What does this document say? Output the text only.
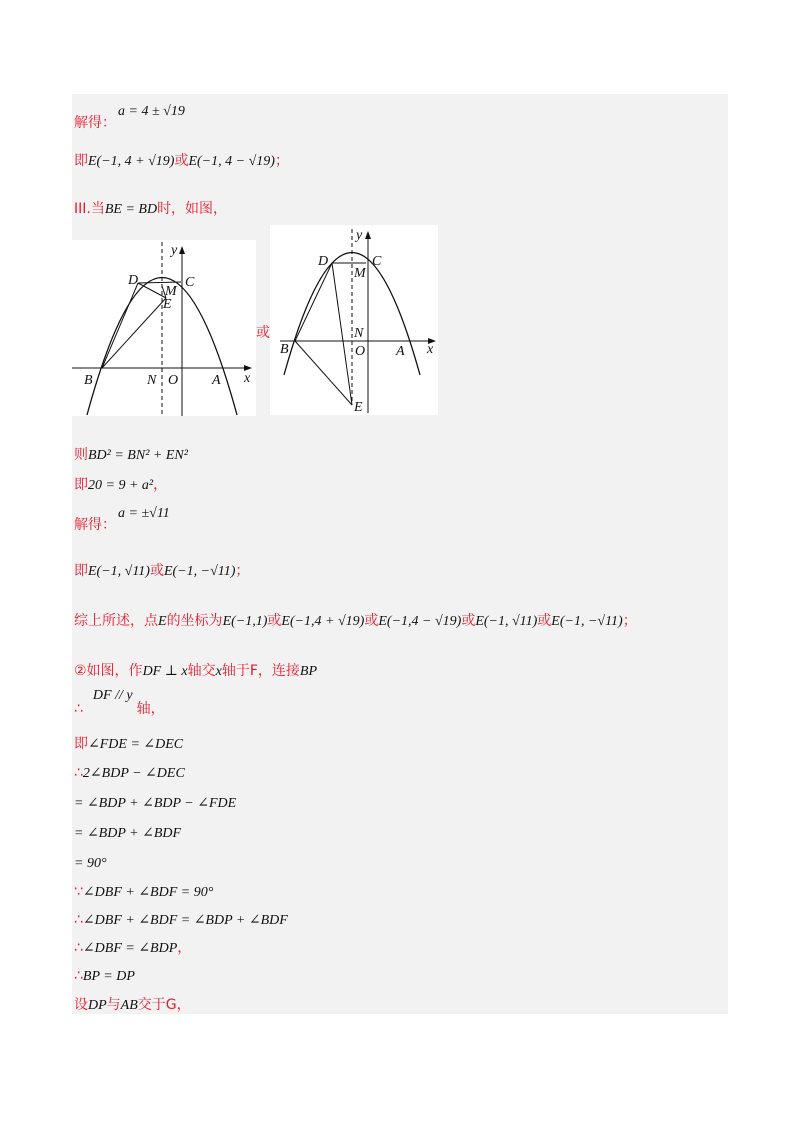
解得：a = 4 ± √19
即E(−1, 4 + √19)或E(−1, 4 − √19)；
III.当BE = BD时，如图，
D	C
M
E
B	N O A x
y
或
D	C
M
N
B	O A x
y
E
则BD² = BN² + EN²
即20 = 9 + a²，
解得：a = ±√11
即E(−1, √11)或E(−1, −√11)；
综上所述，点E的坐标为E(−1,1)或E(−1,4 + √19)或E(−1,4 − √19)或E(−1, √11)或E(−1, −√11)；
②如图，作DF ⊥ x轴交x轴于F，连接BP
∴DF // y轴，
即∠FDE = ∠DEC
∴2∠BDP − ∠DEC
= ∠BDP + ∠BDP − ∠FDE
= ∠BDP + ∠BDF
= 90°
∵∠DBF + ∠BDF = 90°
∴∠DBF + ∠BDF = ∠BDP + ∠BDF
∴∠DBF = ∠BDP，
∴BP = DP
设DP与AB交于G，
